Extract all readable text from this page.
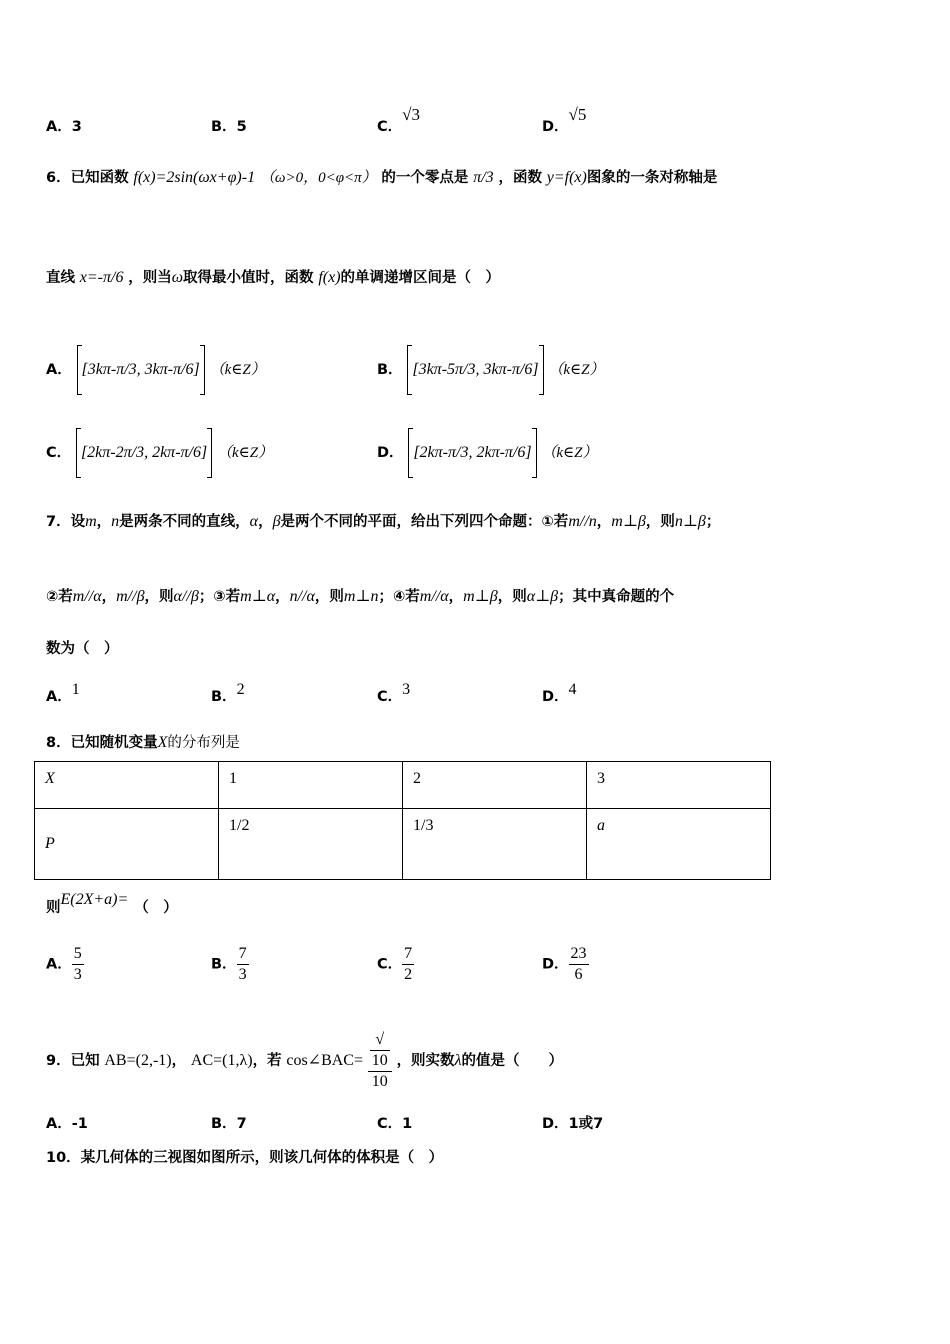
A．3	B．5	C．√3
D．√5
6．已知函数 f(x)=2sin(ωx+φ)-1 （ω>0，0<φ<π） 的一个零点是 π/3 ，函数 y=f(x)图象的一条对称轴是
直线 x=-π/6 ，则当ω取得最小值时，函数 f(x)的单调递增区间是（　）
A． [3kπ-π/3, 3kπ-π/6] （k∈Z）	B． [3kπ-5π/3, 3kπ-π/6] （k∈Z）
C． [2kπ-2π/3, 2kπ-π/6] （k∈Z）	D． [2kπ-π/3, 2kπ-π/6] （k∈Z）
7．设m，n是两条不同的直线，α，β是两个不同的平面，给出下列四个命题：①若m//n，m⊥β，则n⊥β；
②若m//α，m//β，则α//β；③若m⊥α，n//α，则m⊥n；④若m//α，m⊥β，则α⊥β；其中真命题的个
数为（　）
A．1	B．2	C．3	D．4
8．已知随机变量X的分布列是
X	1	2	3
P	1/2	1/3	a
则E(2X+a)= （　）
A． $\frac{5}{3}$	B． $\frac{7}{3}$	C． $\frac{7}{2}$	D． $\frac{23}{6}$
9．已知 AB=(2,-1)， AC=(1,λ)，若 cos∠BAC= √
10
10 ，则实数λ的值是（　　）
A．-1	B．7	C．1	D．1或7
10．某几何体的三视图如图所示，则该几何体的体积是（　）
